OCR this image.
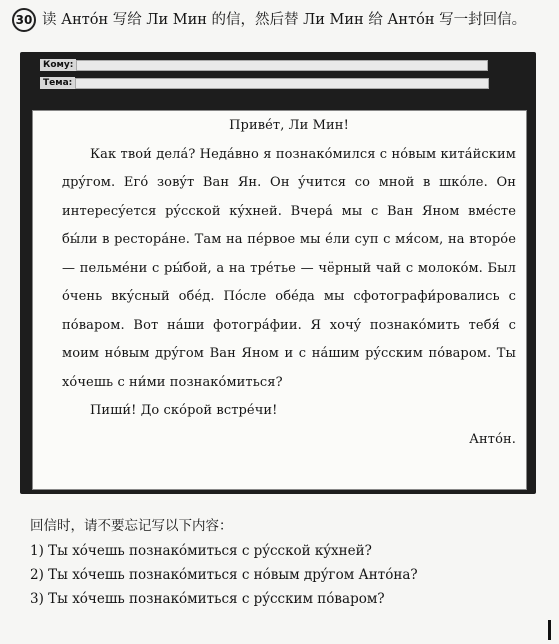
30 读 Антóн 写给 Ли Мин 的信，然后替 Ли Мин 给 Антóн 写一封回信。
Кому:
Тема:
Привéт, Ли Мин!

Как твои́ делá? Недáвно я познакóмился с нóвым китáйским дрýгом. Егó зовýт Ван Ян. Он ýчится со мной в шкóле. Он интересýется рýсской кýхней. Вчерá мы с Ван Яном вмéсте бы́ли в рестoрáне. Там на пéрвое мы éли суп с мя́сом, на вторóе — пельмéни с ры́бой, а на трéтье — чёрный чай с молокóм. Был óчень вкýсный обéд. Пóсле обéда мы сфотографи́ровались с пóваром. Вот нáши фотогрáфии. Я хочý познакóмить тебя́ с моим нóвым дрýгом Ван Яном и с нáшим рýсским пóваром. Ты хóчешь с ни́ми познакóмиться?

Пиши́! До скóрой встрéчи!

Антóн.

回信时，请不要忘记写以下内容：
1) Ты хóчешь познакóмиться с рýсской кýхней?
2) Ты хóчешь познакóмиться с нóвым дрýгом Антóна?
3) Ты хóчешь познакóмиться с рýсским пóваром?
